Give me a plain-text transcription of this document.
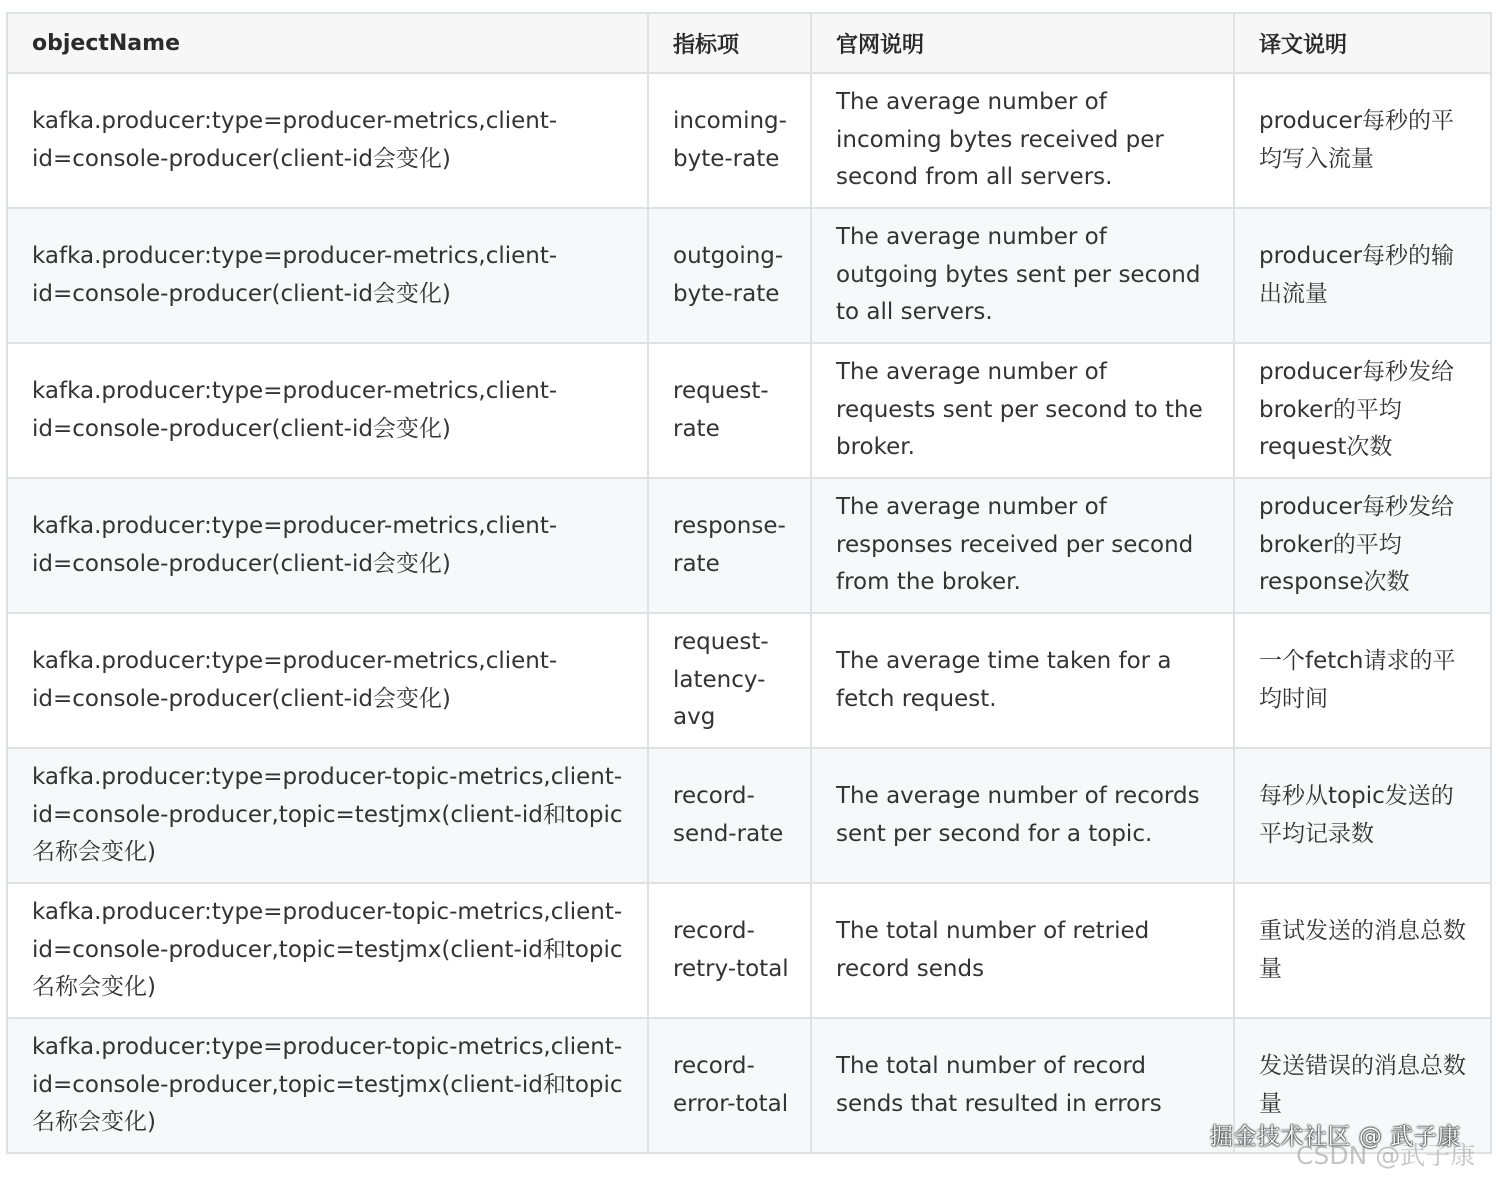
objectName	指标项	官网说明	译文说明
kafka.producer:type=producer-metrics,client-id=console-producer(client-id会变化)	incoming-byte-rate	The average number of incoming bytes received per second from all servers.	producer每秒的平均写入流量
kafka.producer:type=producer-metrics,client-id=console-producer(client-id会变化)	outgoing-byte-rate	The average number of outgoing bytes sent per second to all servers.	producer每秒的输出流量
kafka.producer:type=producer-metrics,client-id=console-producer(client-id会变化)	request-rate	The average number of requests sent per second to the broker.	producer每秒发给broker的平均request次数
kafka.producer:type=producer-metrics,client-id=console-producer(client-id会变化)	response-rate	The average number of responses received per second from the broker.	producer每秒发给broker的平均response次数
kafka.producer:type=producer-metrics,client-id=console-producer(client-id会变化)	request-latency-avg	The average time taken for a fetch request.	一个fetch请求的平均时间
kafka.producer:type=producer-topic-metrics,client-id=console-producer,topic=testjmx(client-id和topic名称会变化)	record-send-rate	The average number of records sent per second for a topic.	每秒从topic发送的平均记录数
kafka.producer:type=producer-topic-metrics,client-id=console-producer,topic=testjmx(client-id和topic名称会变化)	record-retry-total	The total number of retried record sends	重试发送的消息总数量
kafka.producer:type=producer-topic-metrics,client-id=console-producer,topic=testjmx(client-id和topic名称会变化)	record-error-total	The total number of record sends that resulted in errors	发送错误的消息总数量
CSDN @武子康
掘金技术社区 @ 武子康
